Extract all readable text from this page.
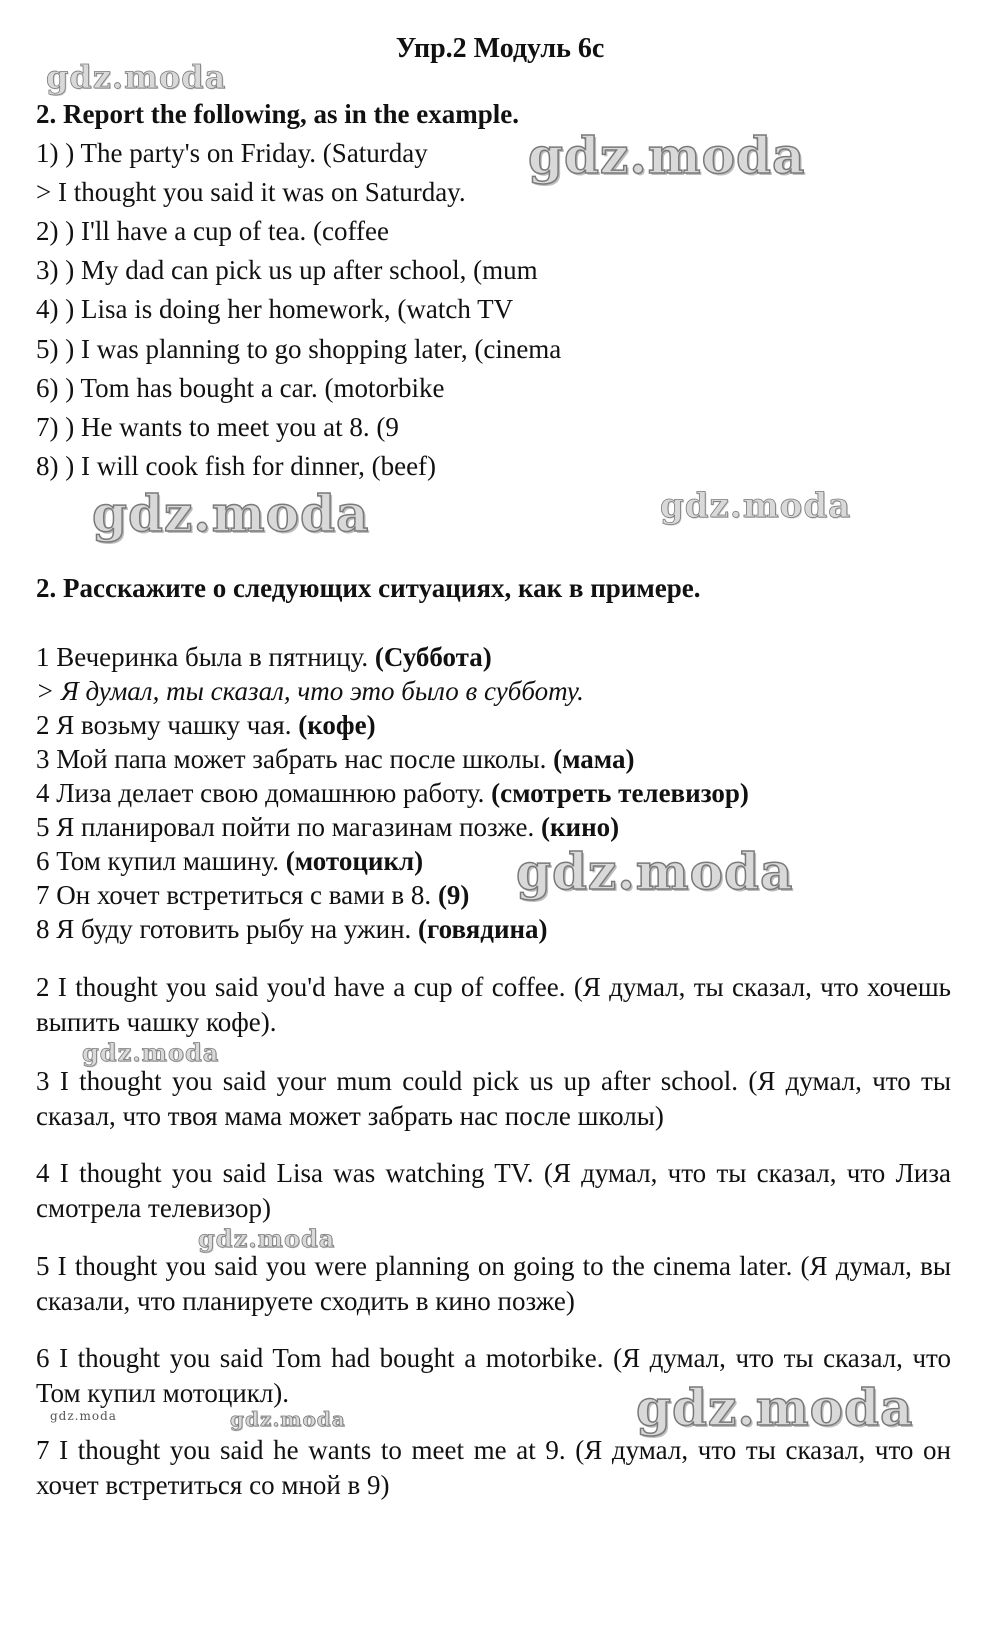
Упр.2 Модуль 6с
2. Report the following, as in the example.
1) ) The party's on Friday. (Saturday
> I thought you said it was on Saturday.
2) ) I'll have a cup of tea. (coffee
3) ) My dad can pick us up after school, (mum
4) ) Lisa is doing her homework, (watch TV
5) ) I was planning to go shopping later, (cinema
6) ) Tom has bought a car. (motorbike
7) ) He wants to meet you at 8. (9
8) ) I will cook fish for dinner, (beef)
2. Расскажите о следующих ситуациях, как в примере.
1 Вечеринка была в пятницу. (Суббота)
> Я думал, ты сказал, что это было в субботу.
2 Я возьму чашку чая. (кофе)
3 Мой папа может забрать нас после школы. (мама)
4 Лиза делает свою домашнюю работу. (смотреть телевизор)
5 Я планировал пойти по магазинам позже. (кино)
6 Том купил машину. (мотоцикл)
7 Он хочет встретиться с вами в 8. (9)
8 Я буду готовить рыбу на ужин. (говядина)
2 I thought you said you'd have a cup of coffee. (Я думал, ты сказал, что хочешь выпить чашку кофе).
3 I thought you said your mum could pick us up after school. (Я думал, что ты сказал, что твоя мама может забрать нас после школы)
4 I thought you said Lisa was watching TV. (Я думал, что ты сказал, что Лиза смотрела телевизор)
5 I thought you said you were planning on going to the cinema later. (Я думал, вы сказали, что планируете сходить в кино позже)
6 I thought you said Tom had bought a motorbike. (Я думал, что ты сказал, что Том купил мотоцикл).
7 I thought you said he wants to meet me at 9. (Я думал, что ты сказал, что он хочет встретиться со мной в 9)
gdz.moda
gdz.moda
gdz.moda	gdz.moda
gdz.moda
gdz.moda
gdz.moda
gdz.moda	gdz.moda	gdz.moda
